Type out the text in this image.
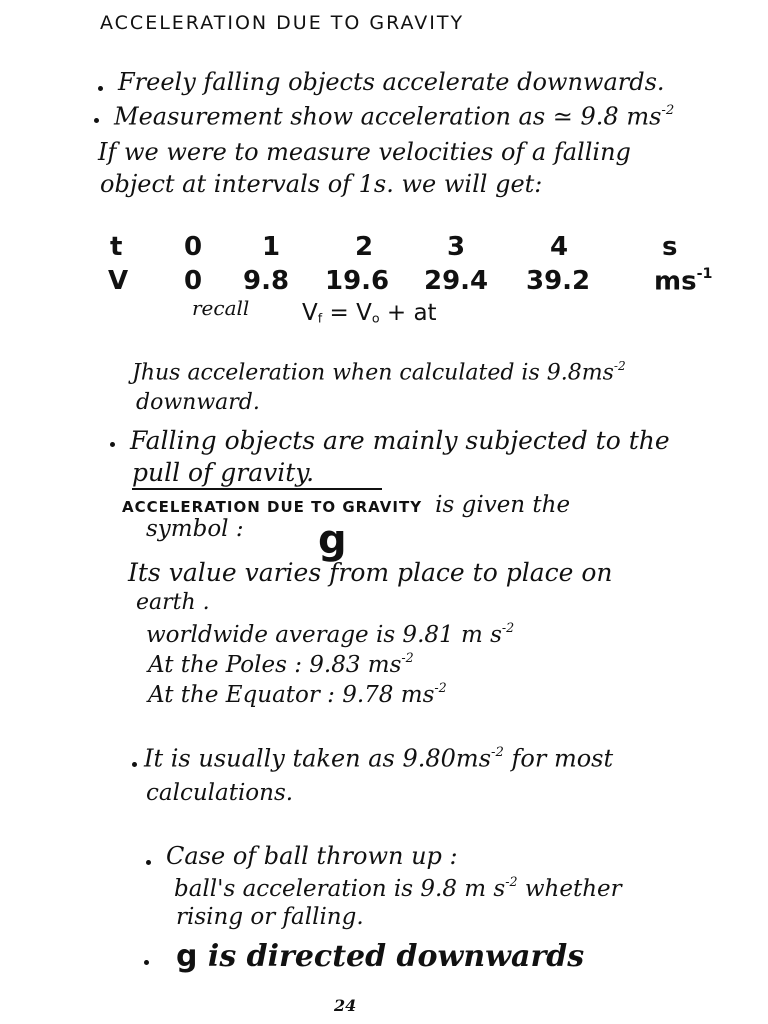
ACCELERATION DUE TO GRAVITY
Freely falling objects accelerate downwards.
Measurement show acceleration as ≃ 9.8 $ms^{-2}$
If we were to measure velocities of a falling
object at intervals of 1s. we will get:
t 0 1	2	3	4	s
V 0 9.8 19.6 29.4 39.2 $ms^{-1}$
recall $V_f = V_o$ + at
Jhus acceleration when calculated is $9.8ms^{-2}$
downward.
Falling objects are mainly subjected to the
pull of gravity.
ACCELERATION DUE TO GRAVITY is given the
symbol : g
Its value varies from place to place on
earth .
worldwide average is 9.81 m $s^{-2}$
At the Poles : 9.83 $ms^{-2}$
At the Equator : 9.78 $ms^{-2}$
It is usually taken as $9.80ms^{-2}$ for most
calculations.
Case of ball thrown up :
ball's acceleration is 9.8 m $s^{-2}$ whether
rising or falling.
g is directed downwards
24
